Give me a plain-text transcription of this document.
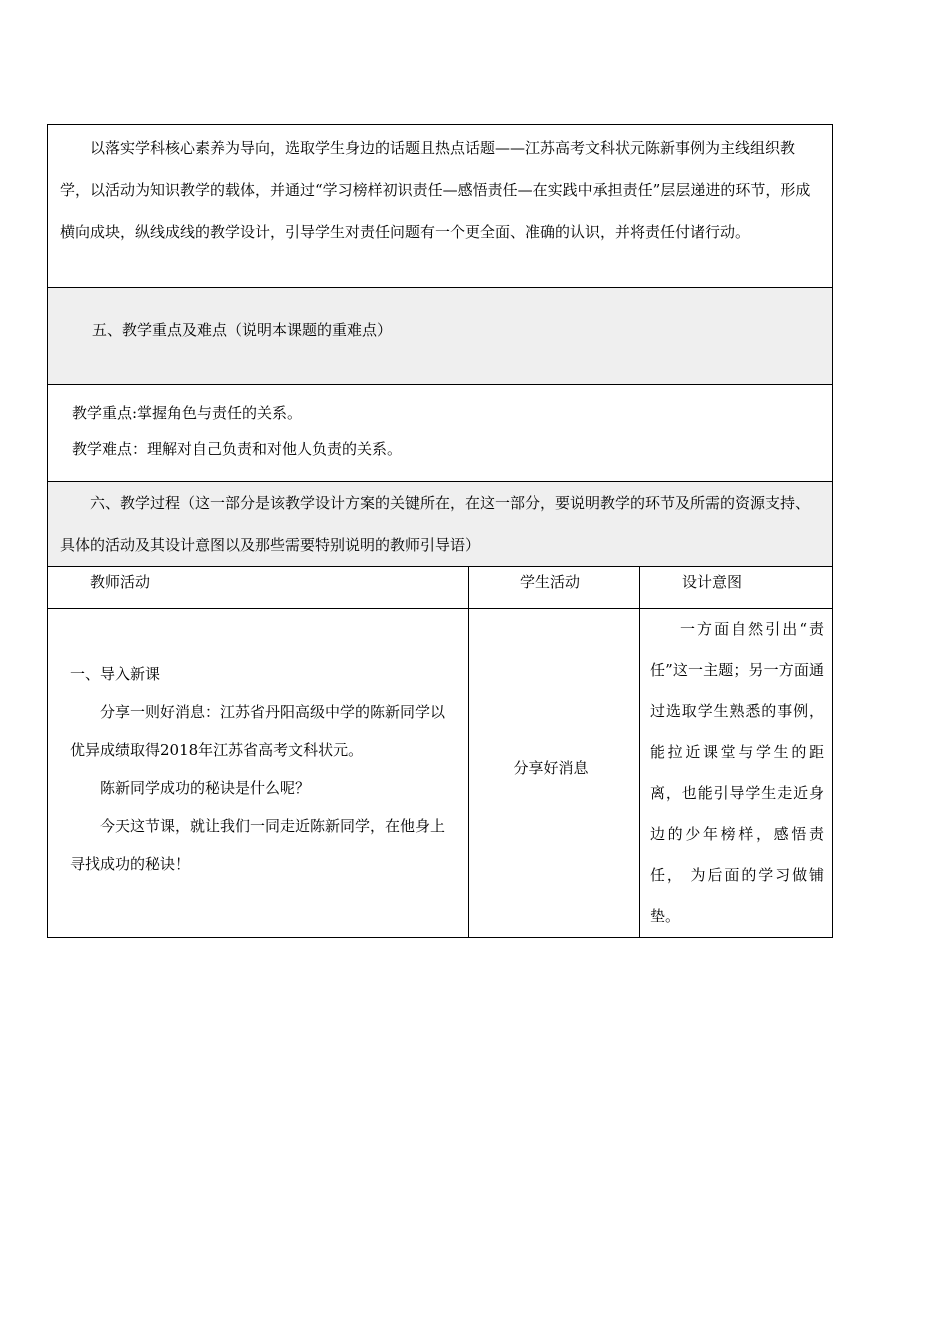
以落实学科核心素养为导向，选取学生身边的话题且热点话题——江苏高考文科状元陈新事例为主线组织教学，以活动为知识教学的载体，并通过“学习榜样初识责任—感悟责任—在实践中承担责任”层层递进的环节，形成横向成块，纵线成线的教学设计，引导学生对责任问题有一个更全面、准确的认识，并将责任付诸行动。		

五、教学重点及难点（说明本课题的重难点）		

教学重点:掌握角色与责任的关系。

教学难点：理解对自己负责和对他人负责的关系。		

六、教学过程（这一部分是该教学设计方案的关键所在，在这一部分，要说明教学的环节及所需的资源支持、具体的活动及其设计意图以及那些需要特别说明的教师引导语）		

教师活动	学生活动	设计意图

一、导入新课

分享一则好消息：江苏省丹阳高级中学的陈新同学以优异成绩取得2018年江苏省高考文科状元。

陈新同学成功的秘诀是什么呢？

今天这节课，就让我们一同走近陈新同学，在他身上寻找成功的秘诀！	分享好消息	一方面自然引出“责任”这一主题；另一方面通过选取学生熟悉的事例，能拉近课堂与学生的距离，也能引导学生走近身边的少年榜样，感悟责任， 为后面的学习做铺垫。
